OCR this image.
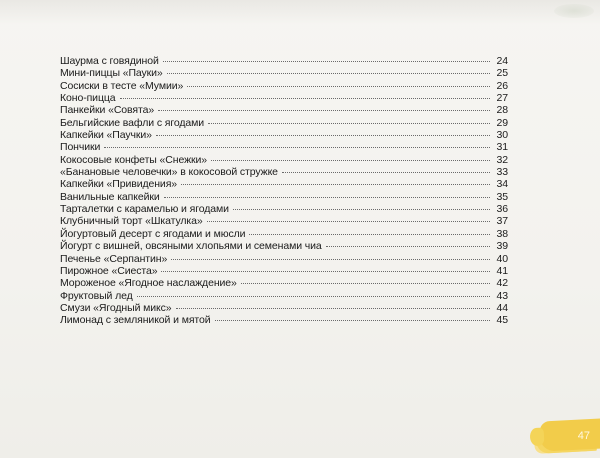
Шаурма с говядиной	24
Мини-пиццы «Пауки»	25
Сосиски в тесте «Мумии»	26
Коно-пицца	27
Панкейки «Совята»	28
Бельгийские вафли с ягодами	29
Капкейки «Паучки»	30
Пончики	31
Кокосовые конфеты «Снежки»	32
«Банановые человечки» в кокосовой стружке	33
Капкейки «Привидения»	34
Ванильные капкейки	35
Тарталетки с карамелью и ягодами	36
Клубничный торт «Шкатулка»	37
Йогуртовый десерт с ягодами и мюсли	38
Йогурт с вишней, овсяными хлопьями и семенами чиа	39
Печенье «Серпантин»	40
Пирожное «Сиеста»	41
Мороженое «Ягодное наслаждение»	42
Фруктовый лед	43
Смузи «Ягодный микс»	44
Лимонад с земляникой и мятой	45
47
